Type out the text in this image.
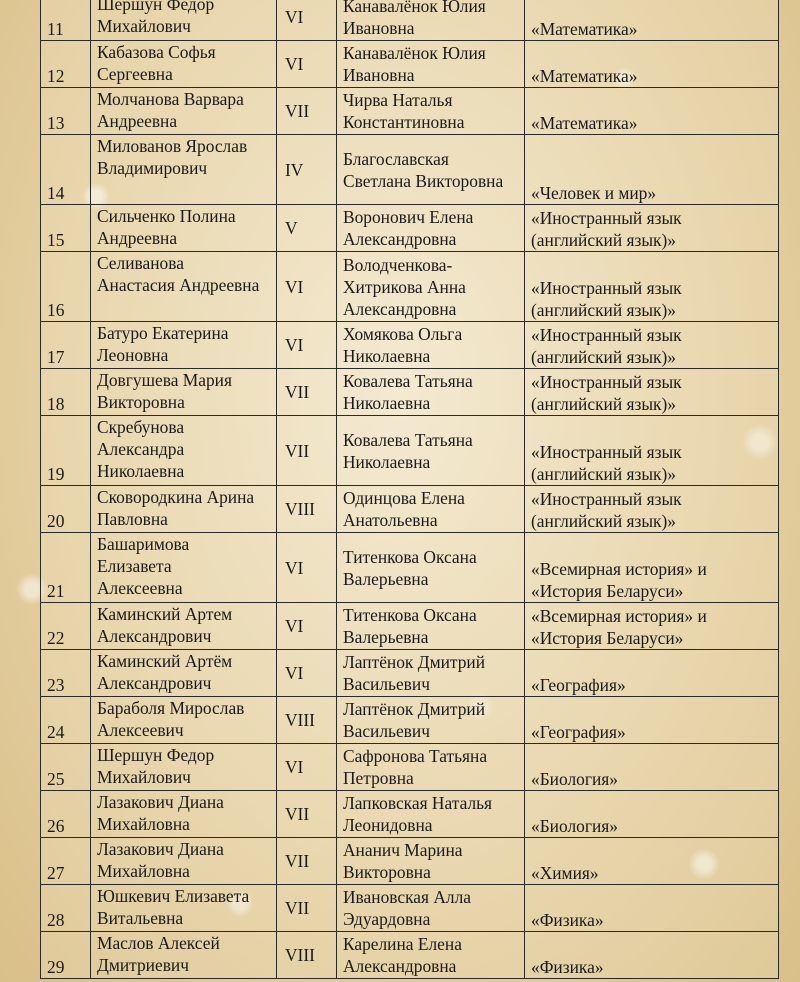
11	Шершун Федор
Михайлович	VI	Канавалёнок Юлия
Ивановна	«Математика»

12	Кабазова Софья
Сергеевна	VI	Канавалёнок Юлия
Ивановна	«Математика»

13	Молчанова Варвара
Андреевна	VII	Чирва Наталья
Константиновна	«Математика»

14	Милованов Ярослав
Владимирович	IV	Благославская
Светлана Викторовна	«Человек и мир»

15	Сильченко Полина
Андреевна	V	Воронович Елена
Александровна	«Иностранный язык
(английский язык)»

16	Селиванова
Анастасия Андреевна	VI	Володченкова-
Хитрикова Анна
Александровна	«Иностранный язык
(английский язык)»

17	Батуро Екатерина
Леоновна	VI	Хомякова Ольга
Николаевна	«Иностранный язык
(английский язык)»

18	Довгушева Мария
Викторовна	VII	Ковалева Татьяна
Николаевна	«Иностранный язык
(английский язык)»

19	Скребунова
Александра
Николаевна	VII	Ковалева Татьяна
Николаевна	«Иностранный язык
(английский язык)»

20	Сковородкина Арина
Павловна	VIII	Одинцова Елена
Анатольевна	«Иностранный язык
(английский язык)»

21	Башаримова
Елизавета
Алексеевна	VI	Титенкова Оксана
Валерьевна	«Всемирная история» и
«История Беларуси»

22	Каминский Артем
Александрович	VI	Титенкова Оксана
Валерьевна	«Всемирная история» и
«История Беларуси»

23	Каминский Артём
Александрович	VI	Лаптёнок Дмитрий
Васильевич	«География»

24	Бараболя Мирослав
Алексеевич	VIII	Лаптёнок Дмитрий
Васильевич	«География»

25	Шершун Федор
Михайлович	VI	Сафронова Татьяна
Петровна	«Биология»

26	Лазакович Диана
Михайловна	VII	Лапковская Наталья
Леонидовна	«Биология»

27	Лазакович Диана
Михайловна	VII	Ананич Марина
Викторовна	«Химия»

28	Юшкевич Елизавета
Витальевна	VII	Ивановская Алла
Эдуардовна	«Физика»

29	Маслов Алексей
Дмитриевич	VIII	Карелина Елена
Александровна	«Физика»
